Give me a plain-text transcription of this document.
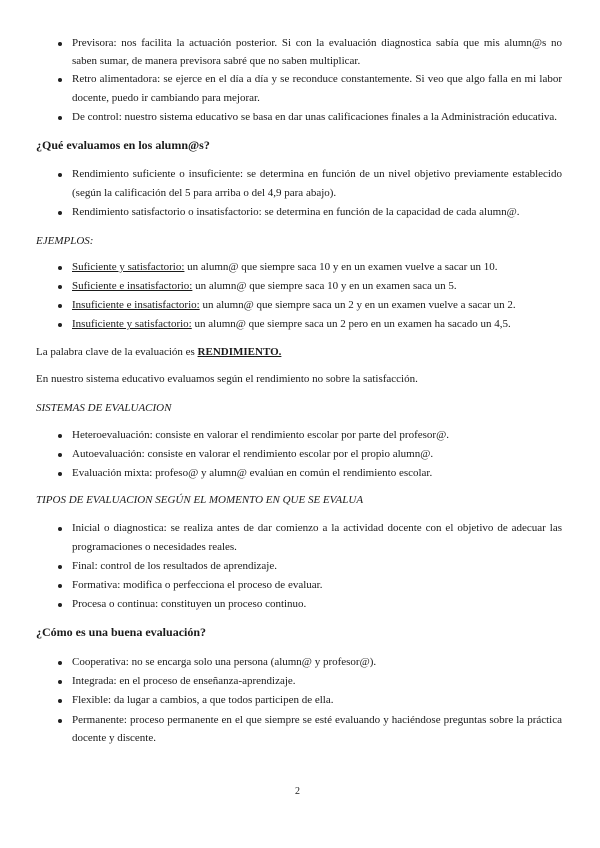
Previsora: nos facilita la actuación posterior. Si con la evaluación diagnostica sabía que mis alumn@s no
saben sumar, de manera previsora sabré que no saben multiplicar.
Retro alimentadora: se ejerce en el día a día y se reconduce constantemente. Si veo que algo falla en mi labor
docente, puedo ir cambiando para mejorar.
De control: nuestro sistema educativo se basa en dar unas calificaciones finales a la Administración educativa.
¿Qué evaluamos en los alumn@s?
Rendimiento suficiente o insuficiente: se determina en función de un nivel objetivo previamente establecido
(según la calificación del 5 para arriba o del 4,9 para abajo).
Rendimiento satisfactorio o insatisfactorio: se determina en función de la capacidad de cada alumn@.
EJEMPLOS:
Suficiente y satisfactorio: un alumn@ que siempre saca 10 y en un examen vuelve a sacar un 10.
Suficiente e insatisfactorio: un alumn@ que siempre saca 10 y en un examen saca un 5.
Insuficiente e insatisfactorio: un alumn@ que siempre saca un 2 y en un examen vuelve a sacar un 2.
Insuficiente y satisfactorio: un alumn@ que siempre saca un 2 pero en un examen ha sacado un 4,5.
La palabra clave de la evaluación es RENDIMIENTO.
En nuestro sistema educativo evaluamos según el rendimiento no sobre la satisfacción.
SISTEMAS DE EVALUACION
Heteroevaluación: consiste en valorar el rendimiento escolar por parte del profesor@.
Autoevaluación: consiste en valorar el rendimiento escolar por el propio alumn@.
Evaluación mixta: profeso@ y alumn@ evalúan en común el rendimiento escolar.
TIPOS DE EVALUACION SEGÚN EL MOMENTO EN QUE SE EVALUA
Inicial o diagnostica: se realiza antes de dar comienzo a la actividad docente con el objetivo de adecuar las
programaciones o necesidades reales.
Final: control de los resultados de aprendizaje.
Formativa: modifica o perfecciona el proceso de evaluar.
Procesa o continua: constituyen un proceso continuo.
¿Cómo es una buena evaluación?
Cooperativa: no se encarga solo una persona (alumn@ y profesor@).
Integrada: en el proceso de enseñanza-aprendizaje.
Flexible: da lugar a cambios, a que todos participen de ella.
Permanente: proceso permanente en el que siempre se esté evaluando y haciéndose preguntas sobre la práctica
docente y discente.
2
